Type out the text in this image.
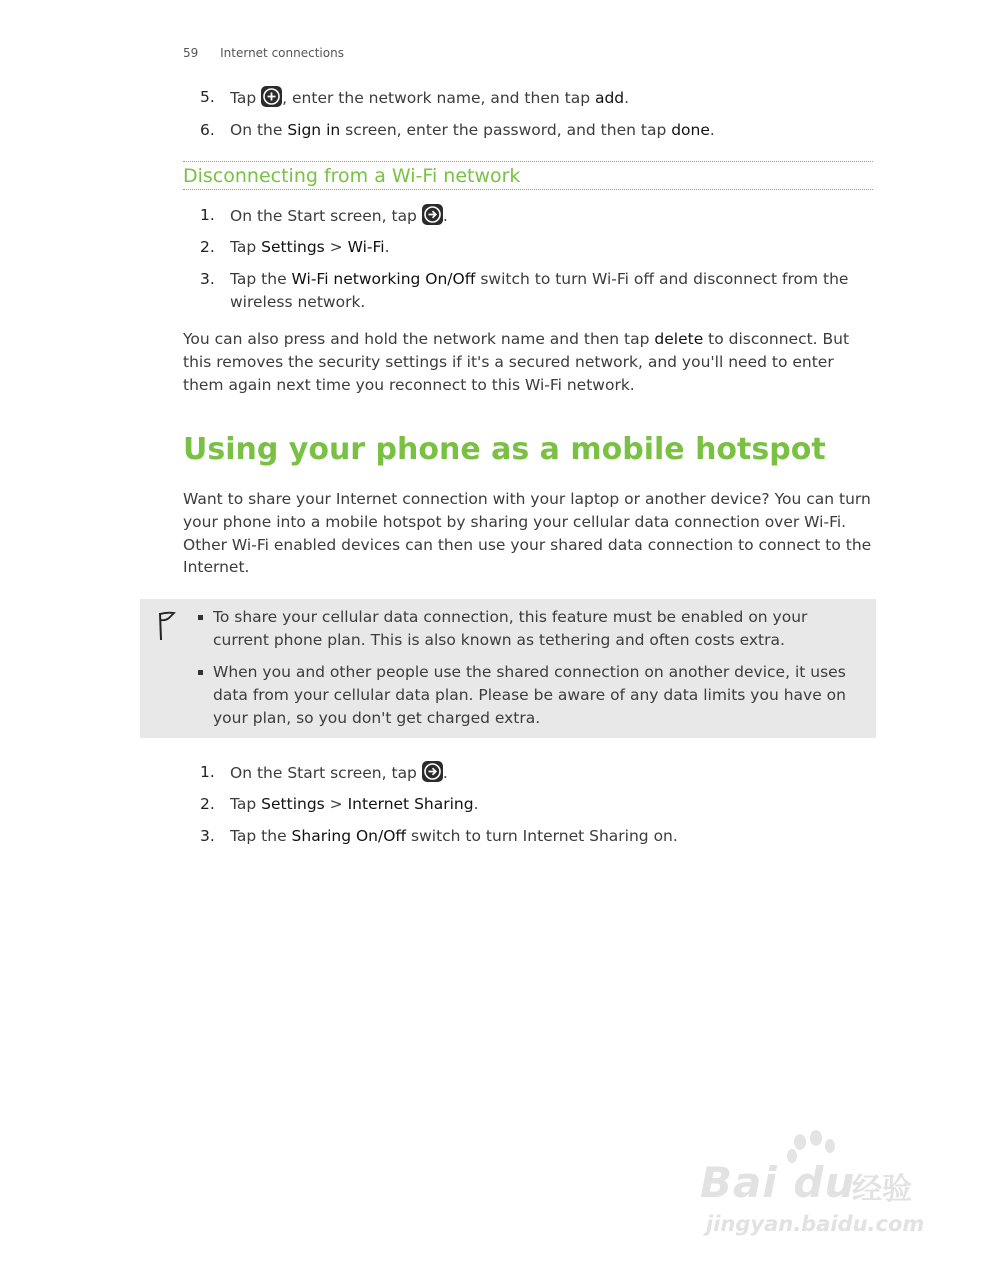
59 Internet connections
5. Tap
, enter the network name, and then tap add.
6. On the Sign in screen, enter the password, and then tap done.
Disconnecting from a Wi-Fi network
1. On the Start screen, tap
.
2. Tap Settings > Wi-Fi.
3. Tap the Wi-Fi networking On/Off switch to turn Wi-Fi off and disconnect from the wireless network.
You can also press and hold the network name and then tap delete to disconnect. But this removes the security settings if it's a secured network, and you'll need to enter them again next time you reconnect to this Wi-Fi network.
Using your phone as a mobile hotspot
Want to share your Internet connection with your laptop or another device? You can turn your phone into a mobile hotspot by sharing your cellular data connection over Wi-Fi. Other Wi-Fi enabled devices can then use your shared data connection to connect to the Internet.
To share your cellular data connection, this feature must be enabled on your current phone plan. This is also known as tethering and often costs extra.
When you and other people use the shared connection on another device, it uses data from your cellular data plan. Please be aware of any data limits you have on your plan, so you don't get charged extra.
1. On the Start screen, tap
.
2. Tap Settings > Internet Sharing.
3. Tap the Sharing On/Off switch to turn Internet Sharing on.
Bai du
经验
jingyan.baidu.com
